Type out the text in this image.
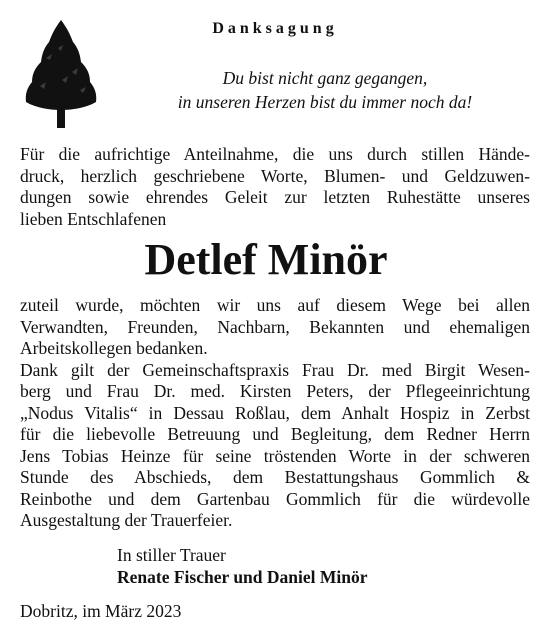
Danksagung
Du bist nicht ganz gegangen,
in unseren Herzen bist du immer noch da!
Für die aufrichtige Anteilnahme, die uns durch stillen Hände-
druck, herzlich geschriebene Worte, Blumen- und Geldzuwen-
dungen sowie ehrendes Geleit zur letzten Ruhestätte unseres
lieben Entschlafenen
Detlef Minör
zuteil wurde, möchten wir uns auf diesem Wege bei allen
Verwandten, Freunden, Nachbarn, Bekannten und ehemaligen
Arbeitskollegen bedanken.
Dank gilt der Gemeinschaftspraxis Frau Dr. med Birgit Wesen-
berg und Frau Dr. med. Kirsten Peters, der Pflegeeinrichtung
„Nodus Vitalis“ in Dessau Roßlau, dem Anhalt Hospiz in Zerbst
für die liebevolle Betreuung und Begleitung, dem Redner Herrn
Jens Tobias Heinze für seine tröstenden Worte in der schweren
Stunde des Abschieds, dem Bestattungshaus Gommlich &
Reinbothe und dem Gartenbau Gommlich für die würdevolle
Ausgestaltung der Trauerfeier.
In stiller Trauer
Renate Fischer und Daniel Minör
Dobritz, im März 2023
